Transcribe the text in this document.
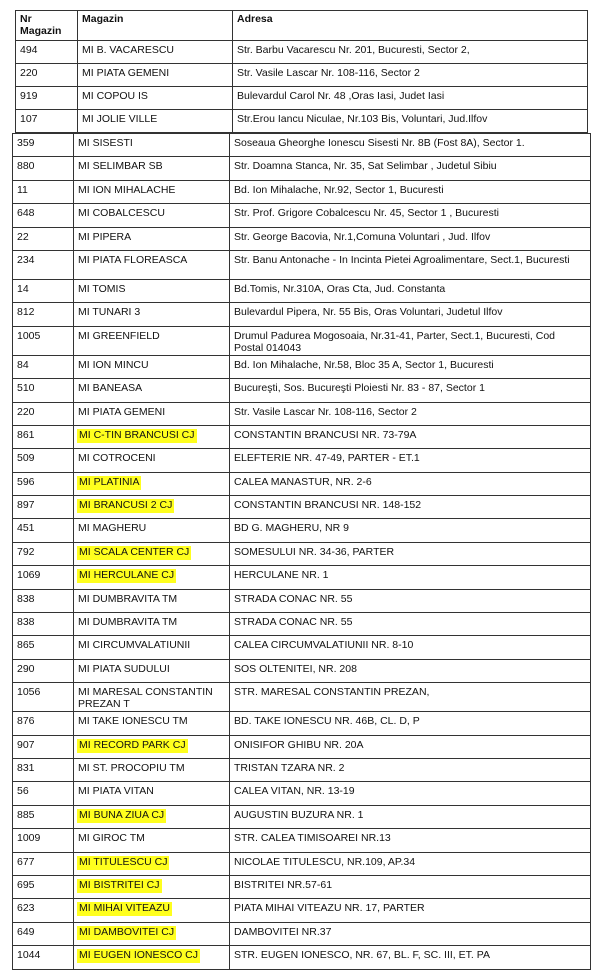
Nr Magazin	Magazin	Adresa
494	MI B. VACARESCU	Str. Barbu Vacarescu Nr. 201, Bucuresti, Sector 2,
220	MI PIATA GEMENI	Str. Vasile Lascar Nr. 108-116, Sector 2
919	MI COPOU IS	Bulevardul Carol Nr. 48 ,Oras Iasi, Judet Iasi
107	MI JOLIE VILLE	Str.Erou Iancu Niculae, Nr.103 Bis, Voluntari, Jud.Ilfov
359	MI SISESTI	Soseaua Gheorghe Ionescu Sisesti Nr. 8B (Fost 8A), Sector 1.
880	MI SELIMBAR SB	Str. Doamna Stanca, Nr. 35, Sat Selimbar , Judetul Sibiu
11	MI ION MIHALACHE	Bd. Ion Mihalache, Nr.92, Sector 1, Bucuresti
648	MI COBALCESCU	Str. Prof. Grigore Cobalcescu Nr. 45, Sector 1 , Bucuresti
22	MI PIPERA	Str. George Bacovia, Nr.1,Comuna Voluntari , Jud. Ilfov
234	MI PIATA FLOREASCA	Str. Banu Antonache - In Incinta Pietei Agroalimentare, Sect.1, Bucuresti
14	MI TOMIS	Bd.Tomis, Nr.310A, Oras Cta, Jud. Constanta
812	MI TUNARI 3	Bulevardul Pipera, Nr. 55 Bis, Oras Voluntari, Judetul Ilfov
1005	MI GREENFIELD	Drumul Padurea Mogosoaia, Nr.31-41, Parter, Sect.1, Bucuresti, Cod Postal 014043
84	MI ION MINCU	Bd. Ion Mihalache, Nr.58, Bloc 35 A, Sector 1, Bucuresti
510	MI BANEASA	Bucureşti, Sos. Bucureşti Ploiesti Nr. 83 - 87, Sector 1
220	MI PIATA GEMENI	Str. Vasile Lascar Nr. 108-116, Sector 2
861	MI C-TIN BRANCUSI CJ	CONSTANTIN BRANCUSI NR. 73-79A
509	MI COTROCENI	ELEFTERIE NR. 47-49, PARTER - ET.1
596	MI PLATINIA	CALEA MANASTUR, NR. 2-6
897	MI BRANCUSI 2 CJ	CONSTANTIN BRANCUSI NR. 148-152
451	MI MAGHERU	BD G. MAGHERU, NR 9
792	MI SCALA CENTER CJ	SOMESULUI NR. 34-36, PARTER
1069	MI HERCULANE CJ	HERCULANE NR. 1
838	MI DUMBRAVITA TM	STRADA CONAC NR. 55
838	MI DUMBRAVITA TM	STRADA CONAC NR. 55
865	MI CIRCUMVALATIUNII	CALEA CIRCUMVALATIUNII NR. 8-10
290	MI PIATA SUDULUI	SOS OLTENITEI, NR. 208
1056	MI MARESAL CONSTANTIN PREZAN T	STR. MARESAL CONSTANTIN PREZAN,
876	MI TAKE IONESCU TM	BD. TAKE IONESCU NR. 46B, CL. D, P
907	MI RECORD PARK CJ	ONISIFOR GHIBU NR. 20A
831	MI ST. PROCOPIU TM	TRISTAN TZARA NR. 2
56	MI PIATA VITAN	CALEA VITAN, NR. 13-19
885	MI BUNA ZIUA CJ	AUGUSTIN BUZURA NR. 1
1009	MI GIROC TM	STR. CALEA TIMISOAREI NR.13
677	MI TITULESCU CJ	NICOLAE TITULESCU, NR.109, AP.34
695	MI BISTRITEI CJ	BISTRITEI NR.57-61
623	MI MIHAI VITEAZU	PIATA MIHAI VITEAZU NR. 17, PARTER
649	MI DAMBOVITEI CJ	DAMBOVITEI NR.37
1044	MI EUGEN IONESCO CJ	STR. EUGEN IONESCO, NR. 67, BL. F, SC. III, ET. PA
